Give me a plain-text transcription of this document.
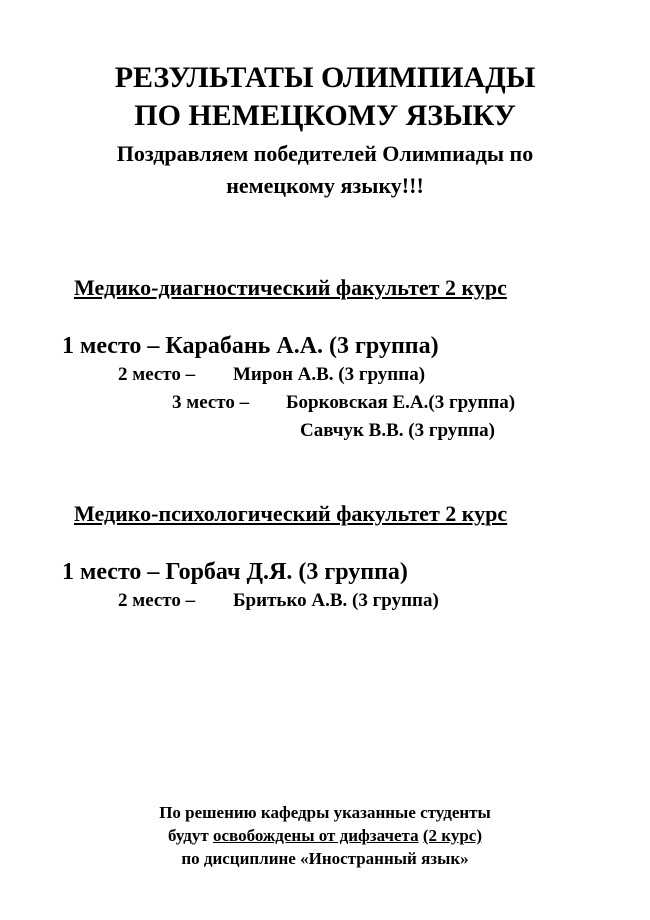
РЕЗУЛЬТАТЫ ОЛИМПИАДЫ
ПО НЕМЕЦКОМУ ЯЗЫКУ
Поздравляем победителей Олимпиады по
немецкому языку!!!
Медико-диагностический факультет 2 курс
1 место – Карабань А.А. (3 группа)
2 место – Мирон А.В. (3 группа)
3 место – Борковская Е.А.(3 группа)
Савчук В.В. (3 группа)
Медико-психологический факультет 2 курс
1 место – Горбач Д.Я. (3 группа)
2 место – Бритько А.В. (3 группа)
По решению кафедры указанные студенты
будут освобождены от дифзачета (2 курс)
по дисциплине «Иностранный язык»
